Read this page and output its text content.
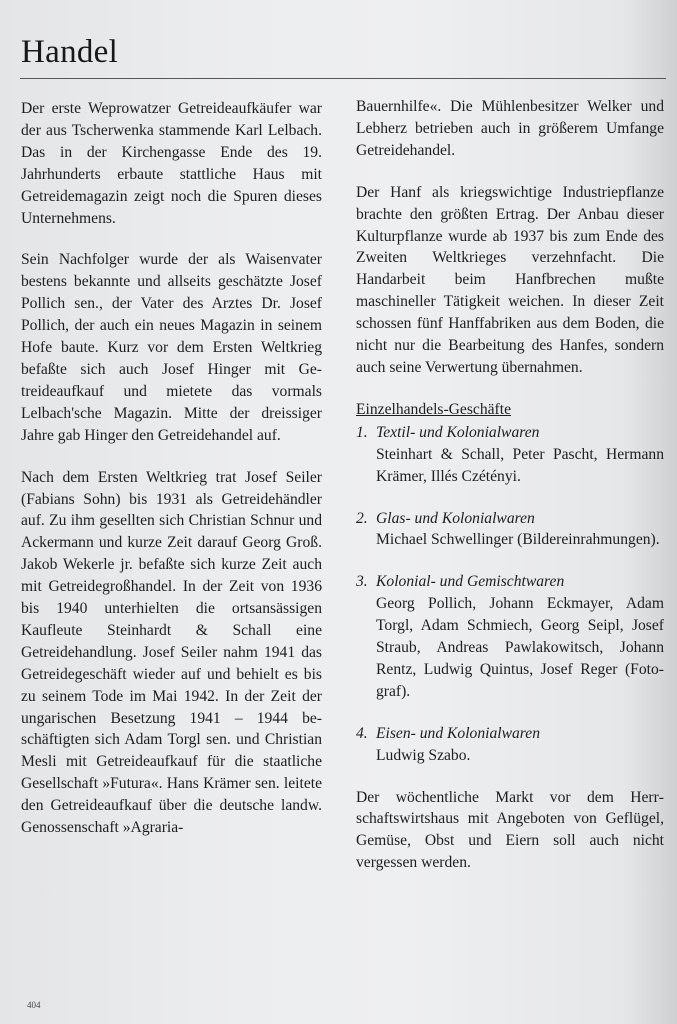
Handel

Der erste Weprowatzer Getreideaufkäufer war der aus Tscherwenka stammende Karl Lelbach. Das in der Kirchengasse Ende des 19. Jahrhunderts erbaute stattliche Haus mit Getreidemagazin zeigt noch die Spuren dieses Unternehmens.

Sein Nachfolger wurde der als Waisenvater bestens bekannte und allseits geschätzte Josef Pollich sen., der Vater des Arztes Dr. Josef Pollich, der auch ein neues Magazin in seinem Hofe baute. Kurz vor dem Ersten Weltkrieg befaßte sich auch Josef Hinger mit Getreideaufkauf und mietete das vormals Lelbach'sche Magazin. Mitte der dreissiger Jahre gab Hinger den Getreidehandel auf.

Nach dem Ersten Weltkrieg trat Josef Seiler (Fabians Sohn) bis 1931 als Getreidehändler auf. Zu ihm gesellten sich Christian Schnur und Ackermann und kurze Zeit darauf Georg Groß. Jakob Wekerle jr. befaßte sich kurze Zeit auch mit Getreidegroßhandel. In der Zeit von 1936 bis 1940 unterhielten die ortsansässigen Kaufleute Steinhardt & Schall eine Getreidehandlung. Josef Seiler nahm 1941 das Getreidegeschäft wieder auf und behielt es bis zu seinem Tode im Mai 1942. In der Zeit der ungarischen Besetzung 1941 – 1944 beschäftigten sich Adam Torgl sen. und Christian Mesli mit Getreideaufkauf für die staatliche Gesellschaft »Futura«. Hans Krämer sen. leitete den Getreideaufkauf über die deutsche landw. Genossenschaft »Agraria-

Bauernhilfe«. Die Mühlenbesitzer Welker und Lebherz betrieben auch in größerem Umfange Getreidehandel.

Der Hanf als kriegswichtige Industriepflanze brachte den größten Ertrag. Der Anbau dieser Kulturpflanze wurde ab 1937 bis zum Ende des Zweiten Weltkrieges verzehnfacht. Die Handarbeit beim Hanfbrechen mußte maschineller Tätigkeit weichen. In dieser Zeit schossen fünf Hanffabriken aus dem Boden, die nicht nur die Bearbeitung des Hanfes, sondern auch seine Verwertung übernahmen.

Einzelhandels-Geschäfte
1. Textil- und Kolonialwaren
Steinhart & Schall, Peter Pascht, Hermann Krämer, Illés Czétényi.
2. Glas- und Kolonialwaren
Michael Schwellinger (Bildereinrahmungen).
3. Kolonial- und Gemischtwaren
Georg Pollich, Johann Eckmayer, Adam Torgl, Adam Schmiech, Georg Seipl, Josef Straub, Andreas Pawlakowitsch, Johann Rentz, Ludwig Quintus, Josef Reger (Fotograf).
4. Eisen- und Kolonialwaren
Ludwig Szabo.

Der wöchentliche Markt vor dem Herrschaftswirtshaus mit Angeboten von Geflügel, Gemüse, Obst und Eiern soll auch nicht vergessen werden.

404
